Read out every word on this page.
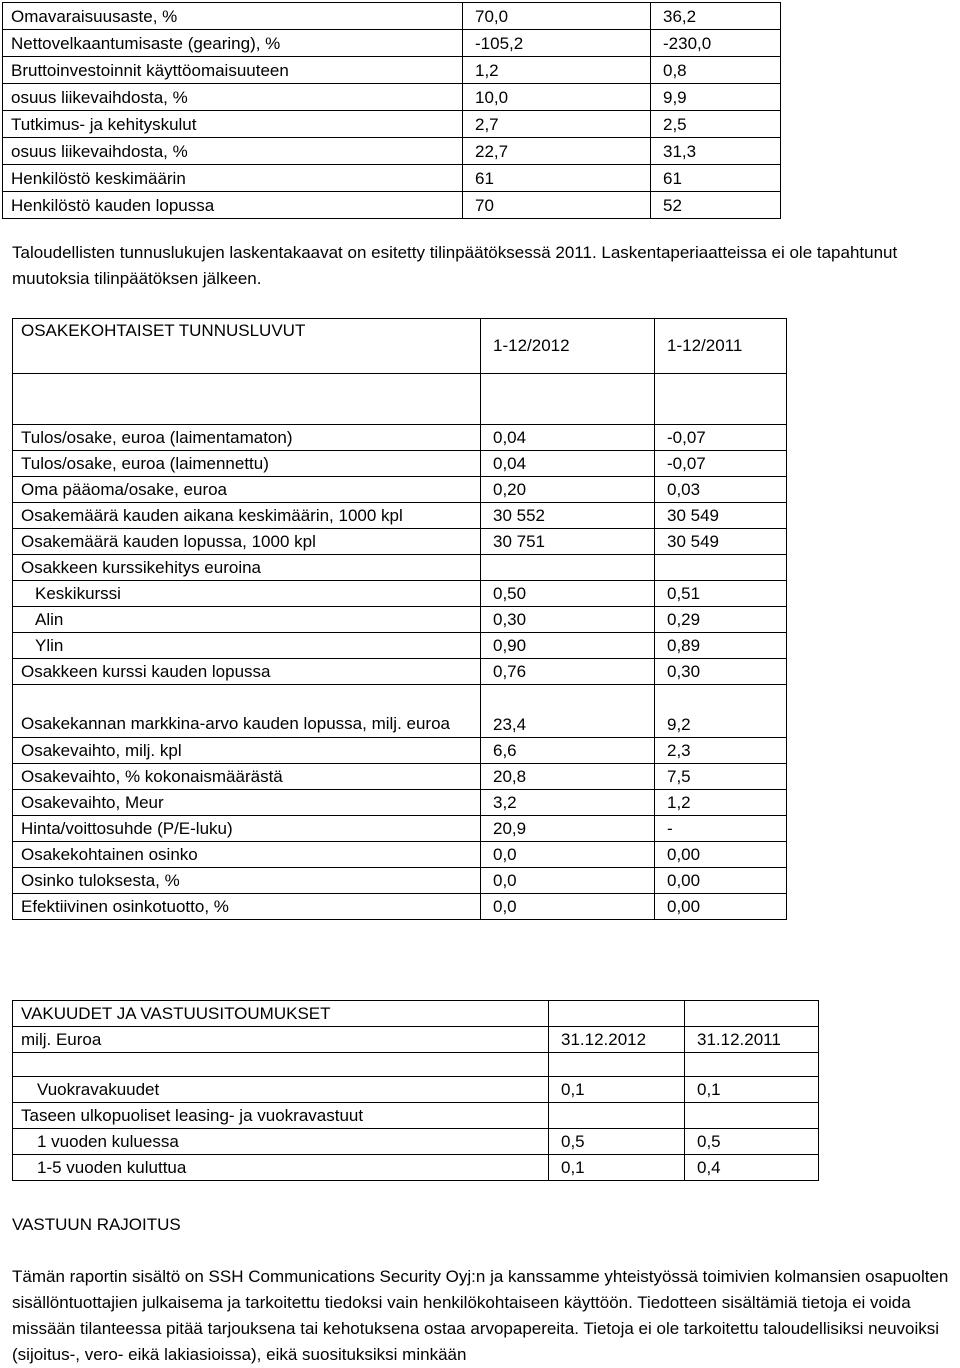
Omavaraisuusaste, %	70,0	36,2
Nettovelkaantumisaste (gearing), %	-105,2	-230,0
Bruttoinvestoinnit käyttöomaisuuteen	1,2	0,8
osuus liikevaihdosta, %	10,0	9,9
Tutkimus- ja kehityskulut	2,7	2,5
osuus liikevaihdosta, %	22,7	31,3
Henkilöstö keskimäärin	61	61
Henkilöstö kauden lopussa	70	52
Taloudellisten tunnuslukujen laskentakaavat on esitetty tilinpäätöksessä 2011. Laskentaperiaatteissa ei ole tapahtunut muutoksia tilinpäätöksen jälkeen.
OSAKEKOHTAISET TUNNUSLUVUT	1-12/2012	1-12/2011

Tulos/osake, euroa (laimentamaton)	0,04	-0,07
Tulos/osake, euroa (laimennettu)	0,04	-0,07
Oma pääoma/osake, euroa	0,20	0,03
Osakemäärä kauden aikana keskimäärin, 1000 kpl	30 552	30 549
Osakemäärä kauden lopussa, 1000 kpl	30 751	30 549
Osakkeen kurssikehitys euroina		
Keskikurssi	0,50	0,51
Alin	0,30	0,29
Ylin	0,90	0,89
Osakkeen kurssi kauden lopussa	0,76	0,30
Osakekannan markkina-arvo kauden lopussa, milj. euroa	23,4	9,2
Osakevaihto, milj. kpl	6,6	2,3
Osakevaihto, % kokonaismäärästä	20,8	7,5
Osakevaihto, Meur	3,2	1,2
Hinta/voittosuhde (P/E-luku)	20,9	-
Osakekohtainen osinko	0,0	0,00
Osinko tuloksesta, %	0,0	0,00
Efektiivinen osinkotuotto, %	0,0	0,00
VAKUUDET JA VASTUUSITOUMUKSET		
milj. Euroa	31.12.2012	31.12.2011

Vuokravakuudet	0,1	0,1
Taseen ulkopuoliset leasing- ja vuokravastuut		
1 vuoden kuluessa	0,5	0,5
1-5 vuoden kuluttua	0,1	0,4
VASTUUN RAJOITUS
Tämän raportin sisältö on SSH Communications Security Oyj:n ja kanssamme yhteistyössä toimivien kolmansien osapuolten sisällöntuottajien julkaisema ja tarkoitettu tiedoksi vain henkilökohtaiseen käyttöön. Tiedotteen sisältämiä tietoja ei voida missään tilanteessa pitää tarjouksena tai kehotuksena ostaa arvopapereita. Tietoja ei ole tarkoitettu taloudellisiksi neuvoiksi (sijoitus-, vero- eikä lakiasioissa), eikä suosituksiksi minkään
